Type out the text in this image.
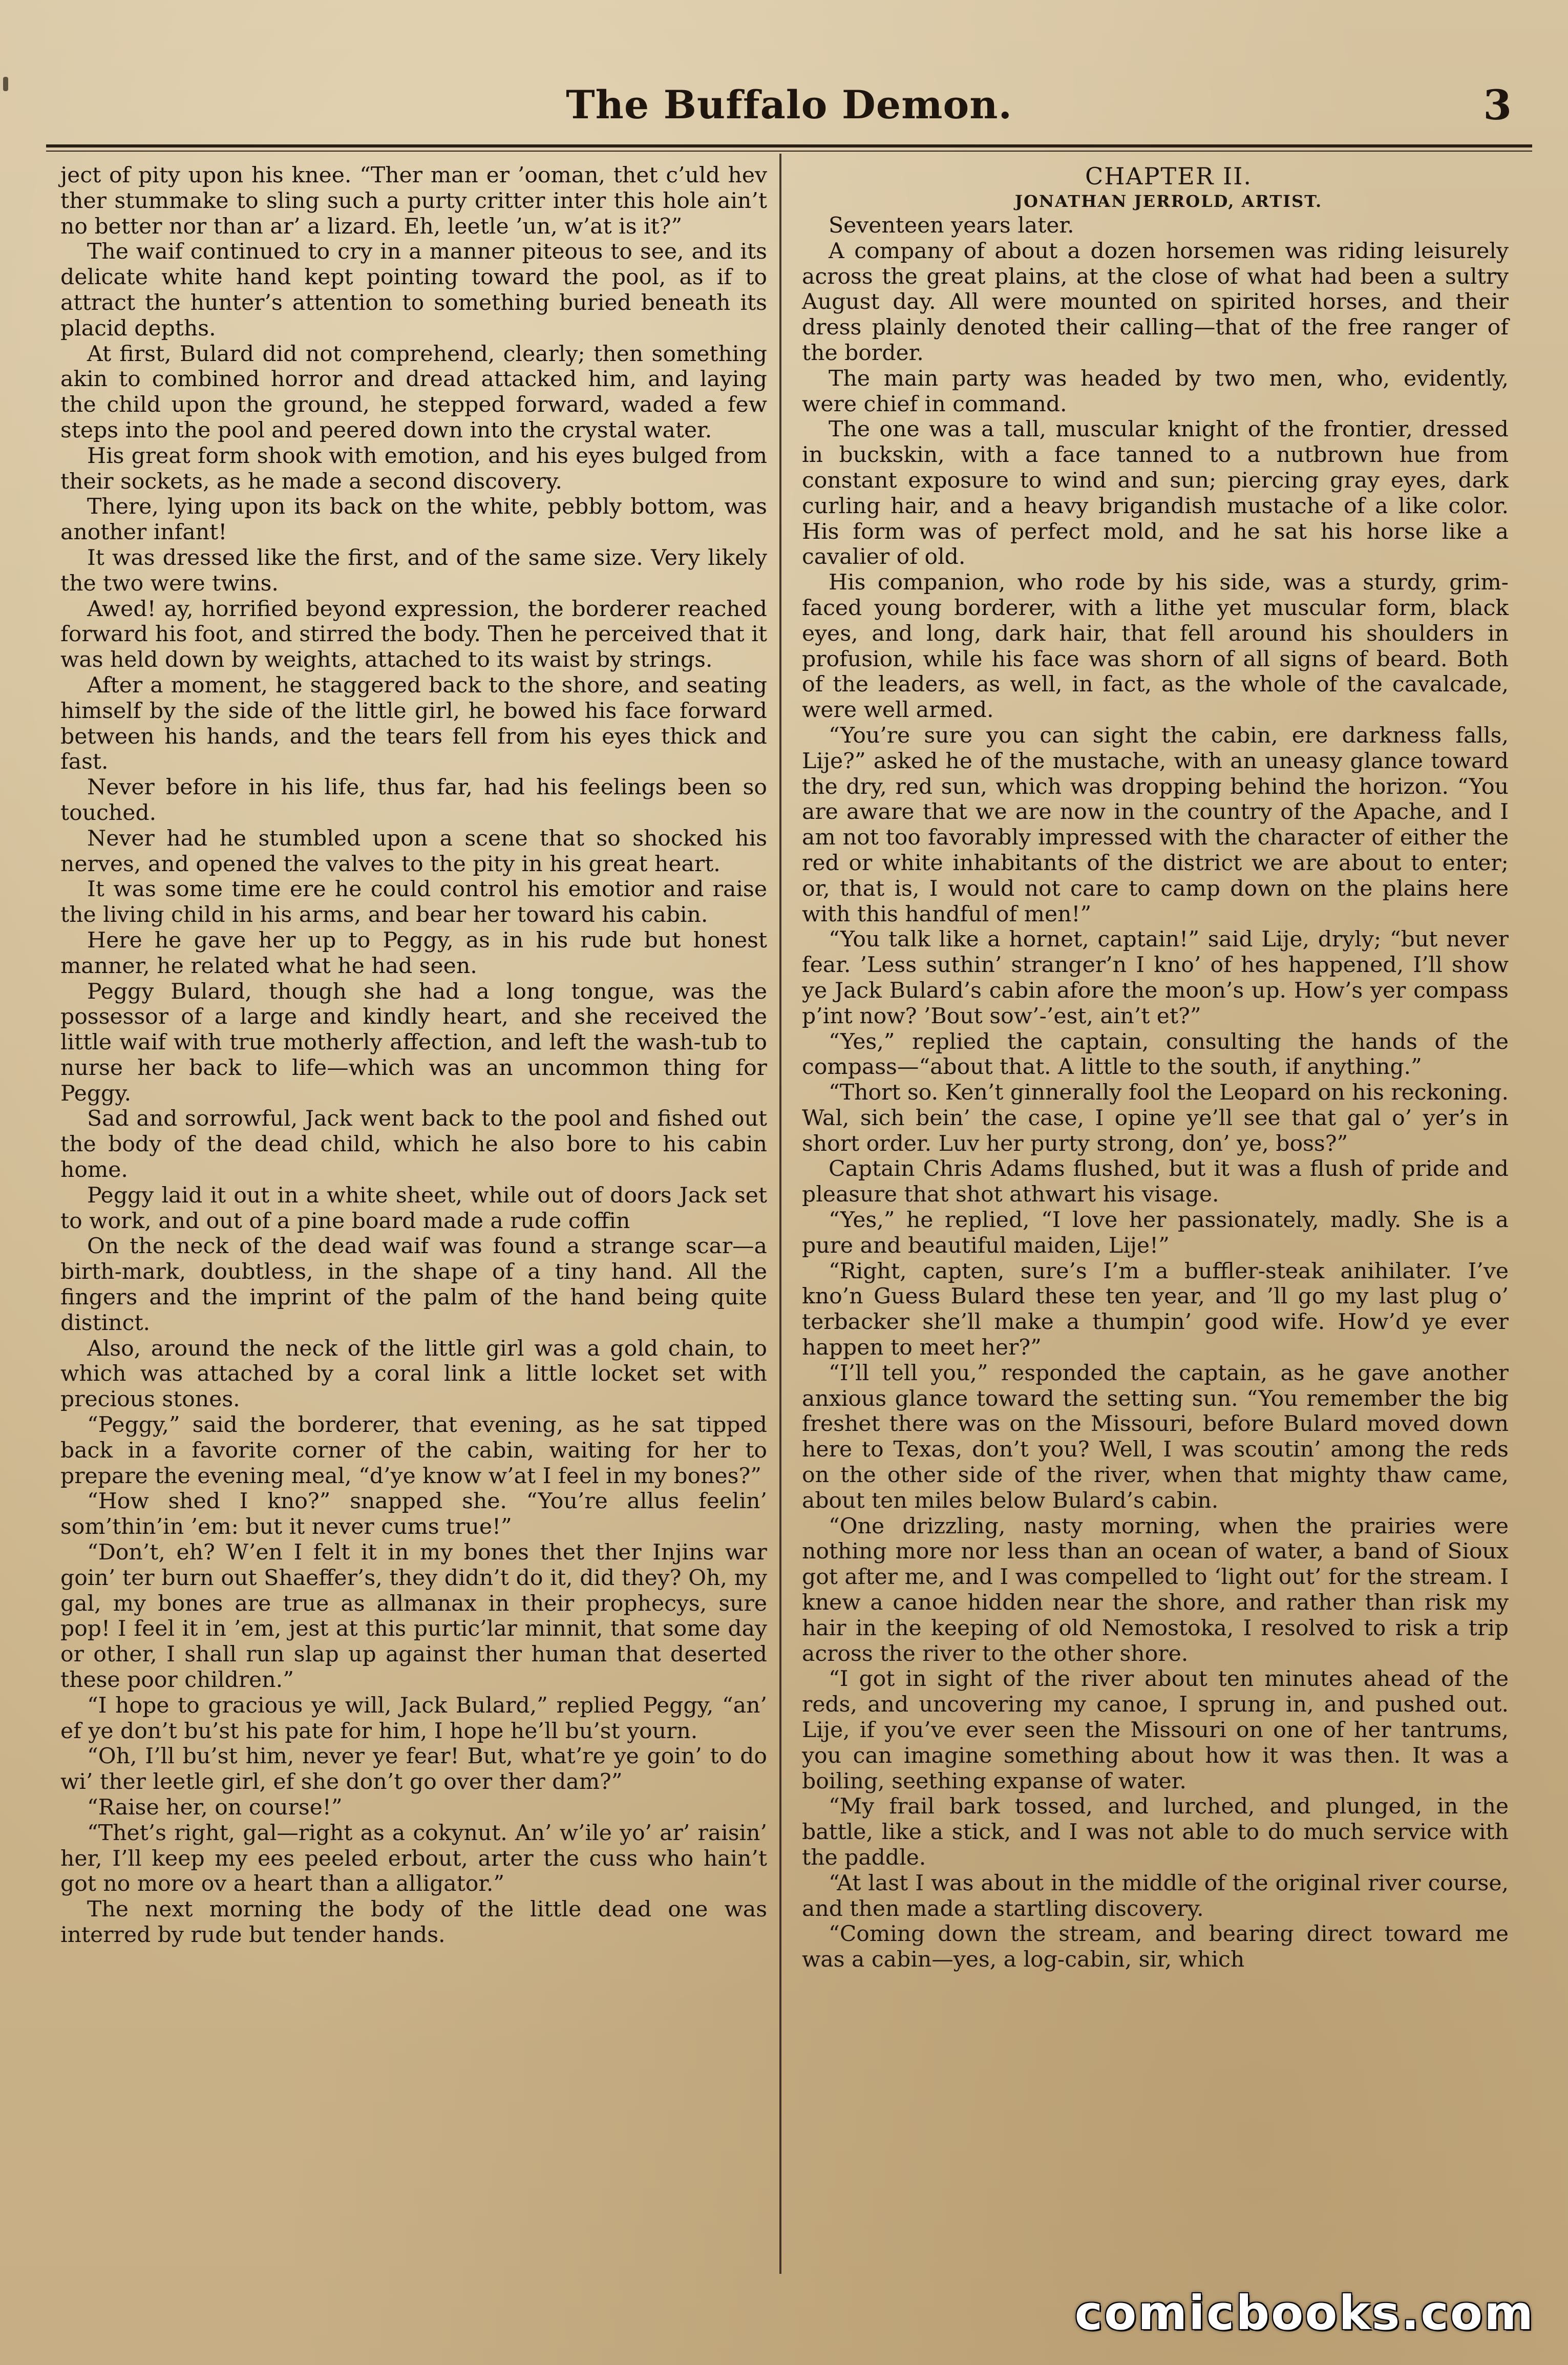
The Buffalo Demon.	3

ject of pity upon his knee. “Ther man er ’ooman, thet c’uld hev ther stummake to sling such a purty critter inter this hole ain’t no better nor than ar’ a lizard. Eh, leetle ’un, w’at is it?”

The waif continued to cry in a manner piteous to see, and its delicate white hand kept pointing toward the pool, as if to attract the hunter’s attention to something buried beneath its placid depths.

At first, Bulard did not comprehend, clearly; then something akin to combined horror and dread attacked him, and laying the child upon the ground, he stepped forward, waded a few steps into the pool and peered down into the crystal water.

His great form shook with emotion, and his eyes bulged from their sockets, as he made a second discovery.

There, lying upon its back on the white, pebbly bottom, was another infant!

It was dressed like the first, and of the same size. Very likely the two were twins.

Awed! ay, horrified beyond expression, the borderer reached forward his foot, and stirred the body. Then he perceived that it was held down by weights, attached to its waist by strings.

After a moment, he staggered back to the shore, and seating himself by the side of the little girl, he bowed his face forward between his hands, and the tears fell from his eyes thick and fast.

Never before in his life, thus far, had his feelings been so touched.

Never had he stumbled upon a scene that so shocked his nerves, and opened the valves to the pity in his great heart.

It was some time ere he could control his emotior and raise the living child in his arms, and bear her toward his cabin.

Here he gave her up to Peggy, as in his rude but honest manner, he related what he had seen.

Peggy Bulard, though she had a long tongue, was the possessor of a large and kindly heart, and she received the little waif with true motherly affection, and left the wash-tub to nurse her back to life—which was an uncommon thing for Peggy.

Sad and sorrowful, Jack went back to the pool and fished out the body of the dead child, which he also bore to his cabin home.

Peggy laid it out in a white sheet, while out of doors Jack set to work, and out of a pine board made a rude coffin

On the neck of the dead waif was found a strange scar—a birth-mark, doubtless, in the shape of a tiny hand. All the fingers and the imprint of the palm of the hand being quite distinct.

Also, around the neck of the little girl was a gold chain, to which was attached by a coral link a little locket set with precious stones.

“Peggy,” said the borderer, that evening, as he sat tipped back in a favorite corner of the cabin, waiting for her to prepare the evening meal, “d’ye know w’at I feel in my bones?”

“How shed I kno?” snapped she. “You’re allus feelin’ som’thin’in ’em: but it never cums true!”

“Don’t, eh? W’en I felt it in my bones thet ther Injins war goin’ ter burn out Shaeffer’s, they didn’t do it, did they? Oh, my gal, my bones are true as allmanax in their prophecys, sure pop! I feel it in ’em, jest at this purtic’lar minnit, that some day or other, I shall run slap up against ther human that deserted these poor children.”

“I hope to gracious ye will, Jack Bulard,” replied Peggy, “an’ ef ye don’t bu’st his pate for him, I hope he’ll bu’st yourn.

“Oh, I’ll bu’st him, never ye fear! But, what’re ye goin’ to do wi’ ther leetle girl, ef she don’t go over ther dam?”

“Raise her, on course!”

“Thet’s right, gal—right as a cokynut. An’ w’ile yo’ ar’ raisin’ her, I’ll keep my ees peeled erbout, arter the cuss who hain’t got no more ov a heart than a alligator.”

The next morning the body of the little dead one was interred by rude but tender hands.

CHAPTER II.

JONATHAN JERROLD, ARTIST.

Seventeen years later.

A company of about a dozen horsemen was riding leisurely across the great plains, at the close of what had been a sultry August day. All were mounted on spirited horses, and their dress plainly denoted their calling—that of the free ranger of the border.

The main party was headed by two men, who, evidently, were chief in command.

The one was a tall, muscular knight of the frontier, dressed in buckskin, with a face tanned to a nutbrown hue from constant exposure to wind and sun; piercing gray eyes, dark curling hair, and a heavy brigandish mustache of a like color. His form was of perfect mold, and he sat his horse like a cavalier of old.

His companion, who rode by his side, was a sturdy, grim-faced young borderer, with a lithe yet muscular form, black eyes, and long, dark hair, that fell around his shoulders in profusion, while his face was shorn of all signs of beard. Both of the leaders, as well, in fact, as the whole of the cavalcade, were well armed.

“You’re sure you can sight the cabin, ere darkness falls, Lije?” asked he of the mustache, with an uneasy glance toward the dry, red sun, which was dropping behind the horizon. “You are aware that we are now in the country of the Apache, and I am not too favorably impressed with the character of either the red or white inhabitants of the district we are about to enter; or, that is, I would not care to camp down on the plains here with this handful of men!”

“You talk like a hornet, captain!” said Lije, dryly; “but never fear. ’Less suthin’ stranger’n I kno’ of hes happened, I’ll show ye Jack Bulard’s cabin afore the moon’s up. How’s yer compass p’int now? ’Bout sow’-’est, ain’t et?”

“Yes,” replied the captain, consulting the hands of the compass—“about that. A little to the south, if anything.”

“Thort so. Ken’t ginnerally fool the Leopard on his reckoning. Wal, sich bein’ the case, I opine ye’ll see that gal o’ yer’s in short order. Luv her purty strong, don’ ye, boss?”

Captain Chris Adams flushed, but it was a flush of pride and pleasure that shot athwart his visage.

“Yes,” he replied, “I love her passionately, madly. She is a pure and beautiful maiden, Lije!”

“Right, capten, sure’s I’m a buffler-steak anihilater. I’ve kno’n Guess Bulard these ten year, and ’ll go my last plug o’ terbacker she’ll make a thumpin’ good wife. How’d ye ever happen to meet her?”

“I’ll tell you,” responded the captain, as he gave another anxious glance toward the setting sun. “You remember the big freshet there was on the Missouri, before Bulard moved down here to Texas, don’t you? Well, I was scoutin’ among the reds on the other side of the river, when that mighty thaw came, about ten miles below Bulard’s cabin.

“One drizzling, nasty morning, when the prairies were nothing more nor less than an ocean of water, a band of Sioux got after me, and I was compelled to ‘light out’ for the stream. I knew a canoe hidden near the shore, and rather than risk my hair in the keeping of old Nemostoka, I resolved to risk a trip across the river to the other shore.

“I got in sight of the river about ten minutes ahead of the reds, and uncovering my canoe, I sprung in, and pushed out. Lije, if you’ve ever seen the Missouri on one of her tantrums, you can imagine something about how it was then. It was a boiling, seething expanse of water.

“My frail bark tossed, and lurched, and plunged, in the battle, like a stick, and I was not able to do much service with the paddle.

“At last I was about in the middle of the original river course, and then made a startling discovery.

“Coming down the stream, and bearing direct toward me was a cabin—yes, a log-cabin, sir, which

comicbooks.com
